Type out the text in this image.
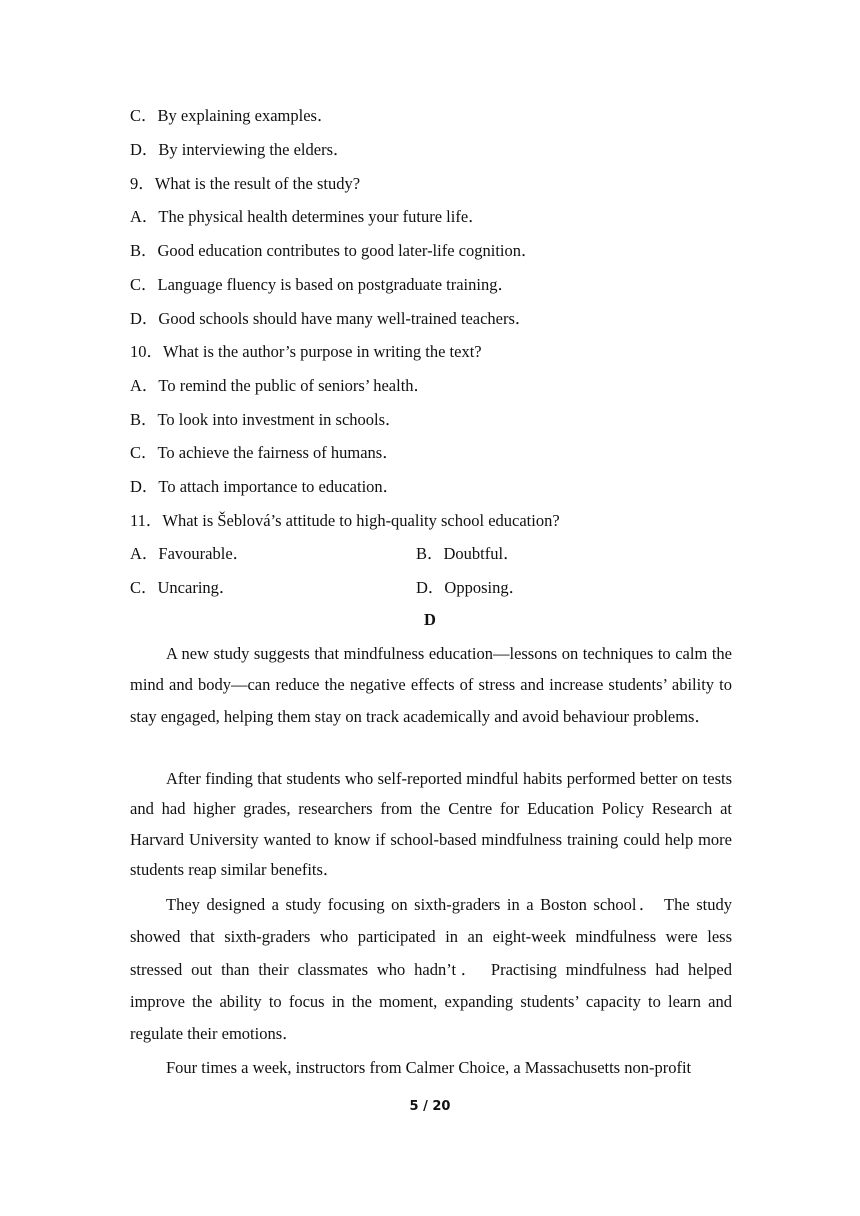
C．By explaining examples．
D．By interviewing the elders．
9．What is the result of the study?
A．The physical health determines your future life．
B．Good education contributes to good later-life cognition．
C．Language fluency is based on postgraduate training．
D．Good schools should have many well-trained teachers．
10．What is the author’s purpose in writing the text?
A．To remind the public of seniors’ health．
B．To look into investment in schools．
C．To achieve the fairness of humans．
D．To attach importance to education．
11．What is Šeblová’s attitude to high-quality school education?
A．Favourable．	B．Doubtful．
C．Uncaring．	D．Opposing．
D

A new study suggests that mindfulness education—lessons on techniques to calm the mind and body—can reduce the negative effects of stress and increase students’ ability to stay engaged, helping them stay on track academically and avoid behaviour problems．

After finding that students who self-reported mindful habits performed better on tests and had higher grades, researchers from the Centre for Education Policy Research at Harvard University wanted to know if school-based mindfulness training could help more students reap similar benefits．

They designed a study focusing on sixth-graders in a Boston school． The study showed that sixth-graders who participated in an eight-week mindfulness were less stressed out than their classmates who hadn’t． Practising mindfulness had helped improve the ability to focus in the moment, expanding students’ capacity to learn and regulate their emotions．

Four times a week, instructors from Calmer Choice, a Massachusetts non-profit

5 / 20
